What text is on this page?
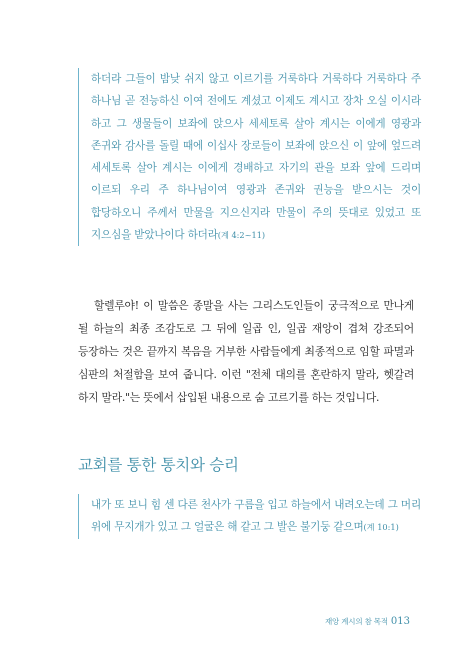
하더라 그들이 밤낮 쉬지 않고 이르기를 거룩하다 거룩하다 거룩하다 주 하나님 곧 전능하신 이여 전에도 계셨고 이제도 계시고 장차 오실 이시라 하고 그 생물들이 보좌에 앉으사 세세토록 살아 계시는 이에게 영광과 존귀와 감사를 돌릴 때에 이십사 장로들이 보좌에 앉으신 이 앞에 엎드려 세세토록 살아 계시는 이에게 경배하고 자기의 관을 보좌 앞에 드리며 이르되 우리 주 하나님이여 영광과 존귀와 권능을 받으시는 것이 합당하오니 주께서 만물을 지으신지라 만물이 주의 뜻대로 있었고 또 지으심을 받았나이다 하더라(계 4:2~11)

할렐루야! 이 말씀은 종말을 사는 그리스도인들이 궁극적으로 만나게 될 하늘의 최종 조감도로 그 뒤에 일곱 인, 일곱 재앙이 겹쳐 강조되어 등장하는 것은 끝까지 복음을 거부한 사람들에게 최종적으로 임할 파멸과 심판의 처절함을 보여 줍니다. 이런 "전체 대의를 혼란하지 말라, 헷갈려 하지 말라."는 뜻에서 삽입된 내용으로 숨 고르기를 하는 것입니다.

교회를 통한 통치와 승리

내가 또 보니 힘 센 다른 천사가 구름을 입고 하늘에서 내려오는데 그 머리 위에 무지개가 있고 그 얼굴은 해 같고 그 발은 불기둥 같으며(계 10:1)

재앙 계시의 참 목적 013
